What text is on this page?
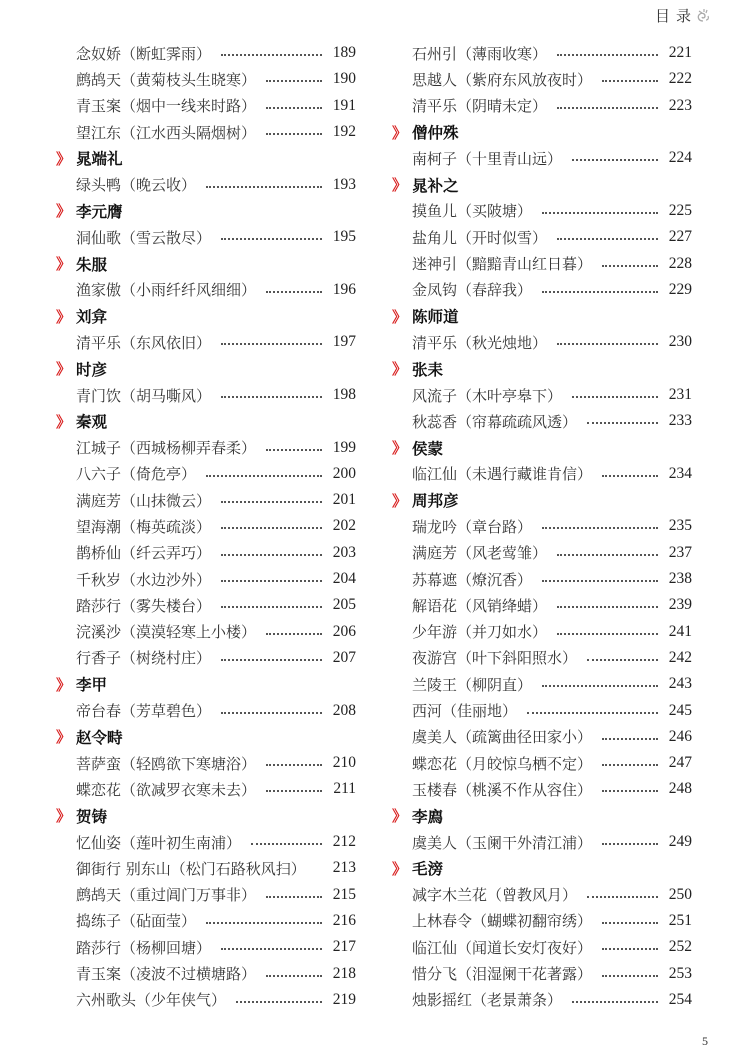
目录
念奴娇（断虹霁雨）	189
鹧鸪天（黄菊枝头生晓寒）	190
青玉案（烟中一线来时路）	191
望江东（江水西头隔烟树）	192
》 晁端礼
绿头鸭（晚云收）	193
》 李元膺
洞仙歌（雪云散尽）	195
》 朱服
渔家傲（小雨纤纤风细细）	196
》 刘弇
清平乐（东风依旧）	197
》 时彦
青门饮（胡马嘶风）	198
》 秦观
江城子（西城杨柳弄春柔）	199
八六子（倚危亭）	200
满庭芳（山抹微云）	201
望海潮（梅英疏淡）	202
鹊桥仙（纤云弄巧）	203
千秋岁（水边沙外）	204
踏莎行（雾失楼台）	205
浣溪沙（漠漠轻寒上小楼）	206
行香子（树绕村庄）	207
》 李甲
帝台春（芳草碧色）	208
》 赵令畤
菩萨蛮（轻鸥欲下寒塘浴）	210
蝶恋花（欲减罗衣寒未去）	211
》 贺铸
忆仙姿（莲叶初生南浦）	212
御街行 别东山（松门石路秋风扫） 213
鹧鸪天（重过阊门万事非）	215
捣练子（砧面莹）	216
踏莎行（杨柳回塘）	217
青玉案（凌波不过横塘路）	218
六州歌头（少年侠气）	219
石州引（薄雨收寒）	221
思越人（紫府东风放夜时）	222
清平乐（阴晴未定）	223
》 僧仲殊
南柯子（十里青山远）	224
》 晁补之
摸鱼儿（买陂塘）	225
盐角儿（开时似雪）	227
迷神引（黯黯青山红日暮）	228
金凤钩（春辞我）	229
》 陈师道
清平乐（秋光烛地）	230
》 张耒
风流子（木叶亭皋下）	231
秋蕊香（帘幕疏疏风透）	233
》 侯蒙
临江仙（未遇行藏谁肯信）	234
》 周邦彦
瑞龙吟（章台路）	235
满庭芳（风老莺雏）	237
苏幕遮（燎沉香）	238
解语花（风销绛蜡）	239
少年游（并刀如水）	241
夜游宫（叶下斜阳照水）	242
兰陵王（柳阴直）	243
西河（佳丽地）	245
虞美人（疏篱曲径田家小）	246
蝶恋花（月皎惊乌栖不定）	247
玉楼春（桃溪不作从容住）	248
》 李廌
虞美人（玉阑干外清江浦）	249
》 毛滂
减字木兰花（曾教风月）	250
上林春令（蝴蝶初翻帘绣）	251
临江仙（闻道长安灯夜好）	252
惜分飞（泪湿阑干花著露）	253
烛影摇红（老景萧条）	254
5
